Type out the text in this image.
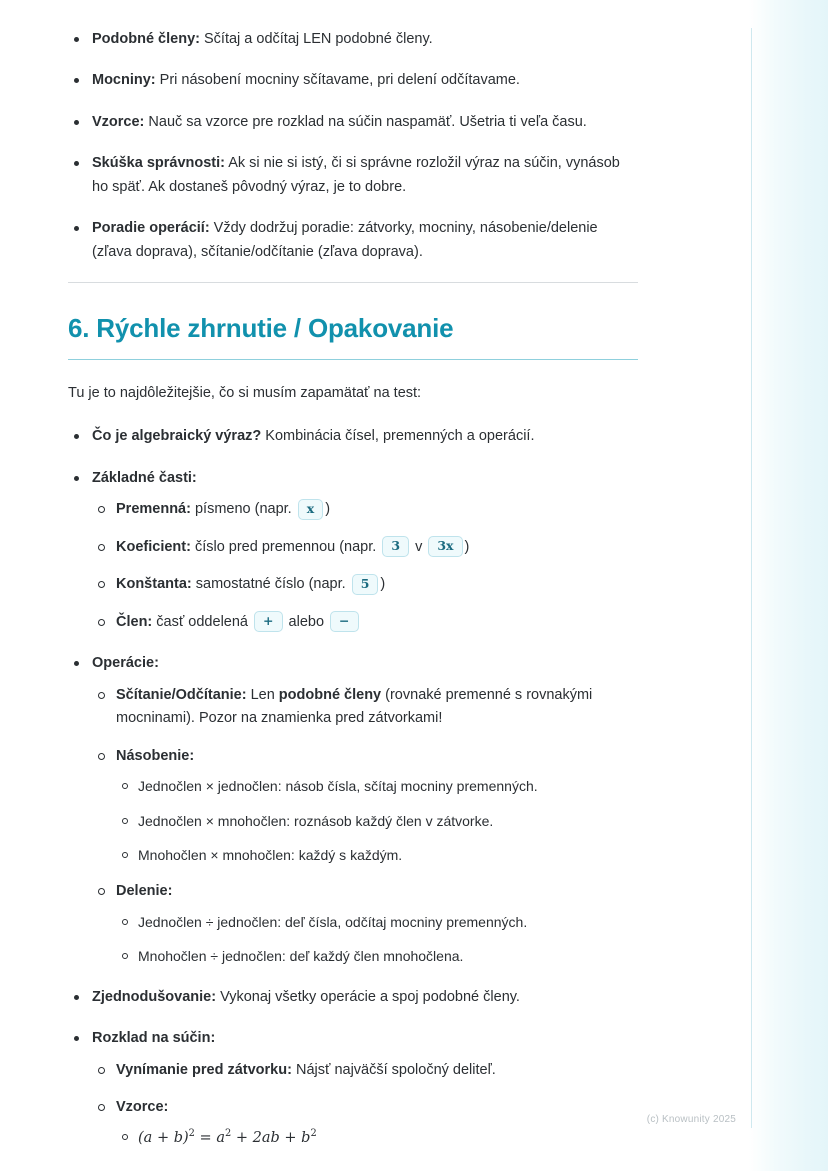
Podobné členy: Sčítaj a odčítaj LEN podobné členy.
Mocniny: Pri násobení mocniny sčítavame, pri delení odčítavame.
Vzorce: Nauč sa vzorce pre rozklad na súčin naspamäť. Ušetria ti veľa času.
Skúška správnosti: Ak si nie si istý, či si správne rozložil výraz na súčin, vynásob ho späť. Ak dostaneš pôvodný výraz, je to dobre.
Poradie operácií: Vždy dodržuj poradie: zátvorky, mocniny, násobenie/delenie (zľava doprava), sčítanie/odčítanie (zľava doprava).
6. Rýchle zhrnutie / Opakovanie

Tu je to najdôležitejšie, čo si musím zapamätať na test:

Čo je algebraický výraz? Kombinácia čísel, premenných a operácií.
Základné časti:
Premenná: písmeno (napr. x )
Koeficient: číslo pred premennou (napr. 3 v 3x )
Konštanta: samostatné číslo (napr. 5 )
Člen: časť oddelená + alebo −
Operácie:
Sčítanie/Odčítanie: Len podobné členy (rovnaké premenné s rovnakými mocninami). Pozor na znamienka pred zátvorkami!
Násobenie:
Jednočlen × jednočlen: násob čísla, sčítaj mocniny premenných.
Jednočlen × mnohočlen: roznásob každý člen v zátvorke.
Mnohočlen × mnohočlen: každý s každým.
Delenie:
Jednočlen ÷ jednočlen: deľ čísla, odčítaj mocniny premenných.
Mnohočlen ÷ jednočlen: deľ každý člen mnohočlena.
Zjednodušovanie: Vykonaj všetky operácie a spoj podobné členy.
Rozklad na súčin:
Vynímanie pred zátvorku: Nájsť najväčší spoločný deliteľ.
Vzorce:
$(a + b)^2 = a^2 + 2ab + b^2$
(c) Knowunity 2025
